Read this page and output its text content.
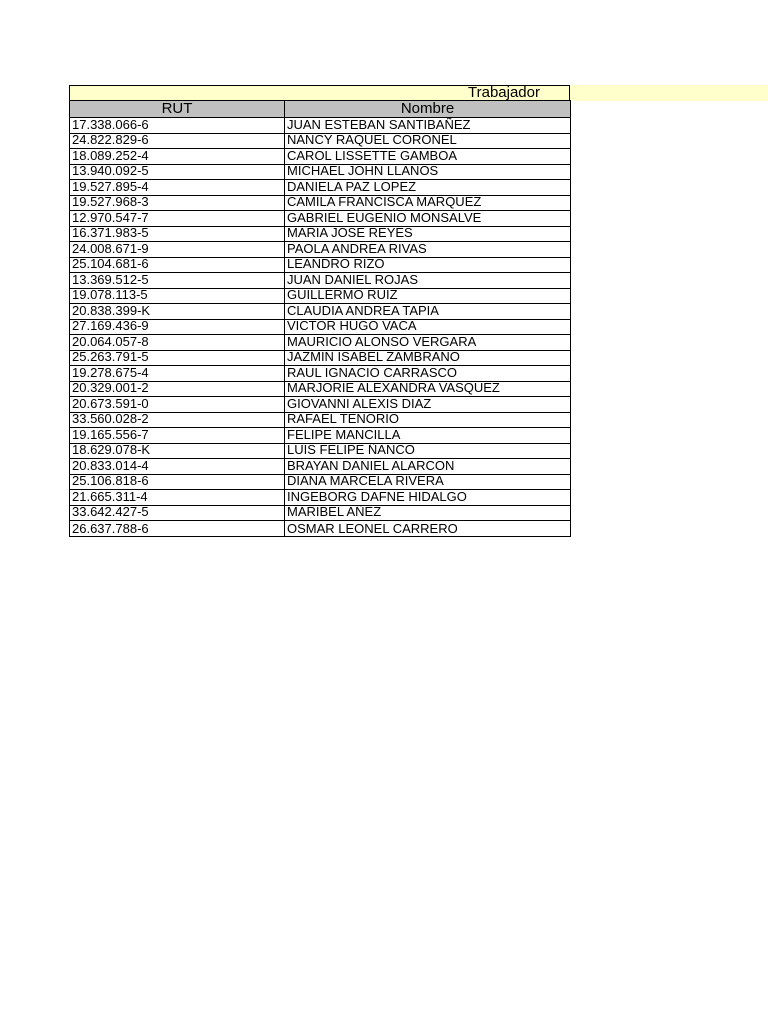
Trabajador
RUT	Nombre
17.338.066-6	JUAN ESTEBAN SANTIBAÑEZ
24.822.829-6	NANCY RAQUEL CORONEL
18.089.252-4	CAROL LISSETTE GAMBOA
13.940.092-5	MICHAEL JOHN LLANOS
19.527.895-4	DANIELA PAZ LOPEZ
19.527.968-3	CAMILA FRANCISCA MARQUEZ
12.970.547-7	GABRIEL EUGENIO MONSALVE
16.371.983-5	MARIA JOSE REYES
24.008.671-9	PAOLA ANDREA RIVAS
25.104.681-6	LEANDRO RIZO
13.369.512-5	JUAN DANIEL ROJAS
19.078.113-5	GUILLERMO RUIZ
20.838.399-K	CLAUDIA ANDREA TAPIA
27.169.436-9	VICTOR HUGO VACA
20.064.057-8	MAURICIO ALONSO VERGARA
25.263.791-5	JAZMIN ISABEL ZAMBRANO
19.278.675-4	RAUL IGNACIO CARRASCO
20.329.001-2	MARJORIE ALEXANDRA VASQUEZ
20.673.591-0	GIOVANNI ALEXIS DIAZ
33.560.028-2	RAFAEL TENORIO
19.165.556-7	FELIPE MANCILLA
18.629.078-K	LUIS FELIPE ÑANCO
20.833.014-4	BRAYAN DANIEL ALARCON
25.106.818-6	DIANA MARCELA RIVERA
21.665.311-4	INGEBORG DAFNE HIDALGO
33.642.427-5	MARIBEL AÑEZ
26.637.788-6	OSMAR LEONEL CARRERO
